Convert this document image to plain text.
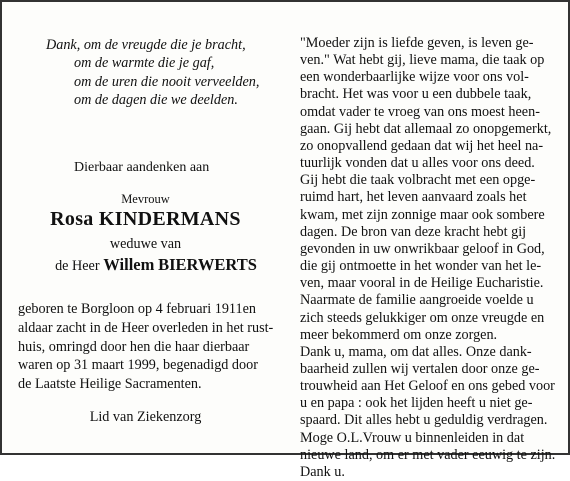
Dank, om de vreugde die je bracht,
om de warmte die je gaf,
om de uren die nooit verveelden,
om de dagen die we deelden.
Dierbaar aandenken aan
Mevrouw
Rosa KINDERMANS
weduwe van
de Heer Willem BIERWERTS
geboren te Borgloon op 4 februari 1911en
aldaar zacht in de Heer overleden in het rust-
huis, omringd door hen die haar dierbaar
waren op 31 maart 1999, begenadigd door
de Laatste Heilige Sacramenten.
Lid van Ziekenzorg
"Moeder zijn is liefde geven, is leven ge-
ven." Wat hebt gij, lieve mama, die taak op
een wonderbaarlijke wijze voor ons vol-
bracht. Het was voor u een dubbele taak,
omdat vader te vroeg van ons moest heen-
gaan. Gij hebt dat allemaal zo onopgemerkt,
zo onopvallend gedaan dat wij het heel na-
tuurlijk vonden dat u alles voor ons deed.
Gij hebt die taak volbracht met een opge-
ruimd hart, het leven aanvaard zoals het
kwam, met zijn zonnige maar ook sombere
dagen. De bron van deze kracht hebt gij
gevonden in uw onwrikbaar geloof in God,
die gij ontmoette in het wonder van het le-
ven, maar vooral in de Heilige Eucharistie.
Naarmate de familie aangroeide voelde u
zich steeds gelukkiger om onze vreugde en
meer bekommerd om onze zorgen.
Dank u, mama, om dat alles. Onze dank-
baarheid zullen wij vertalen door onze ge-
trouwheid aan Het Geloof en ons gebed voor
u en papa : ook het lijden heeft u niet ge-
spaard. Dit alles hebt u geduldig verdragen.
Moge O.L.Vrouw u binnenleiden in dat
nieuwe land, om er met vader eeuwig te zijn.
Dank u.
